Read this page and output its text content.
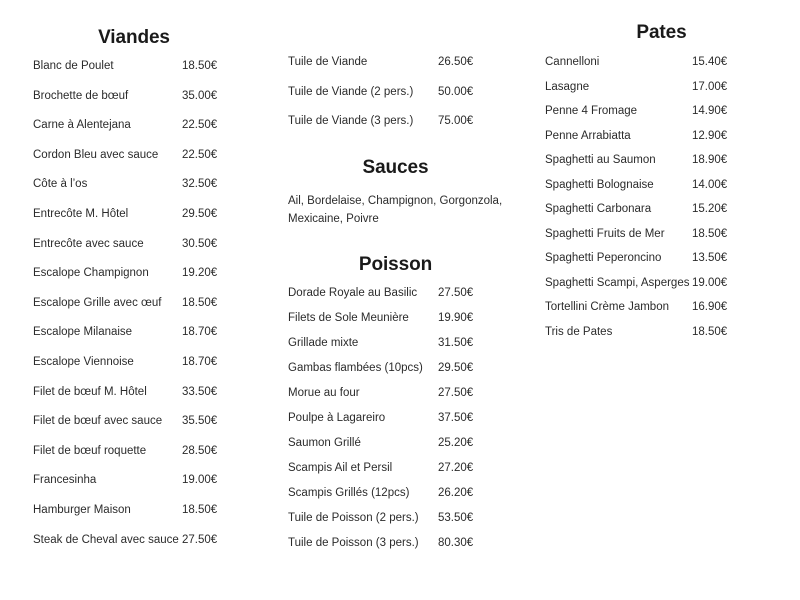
Viandes
Blanc de Poulet	18.50€
Brochette de bœuf	35.00€
Carne à Alentejana	22.50€
Cordon Bleu avec sauce	22.50€
Côte à l’os	32.50€
Entrecôte M. Hôtel	29.50€
Entrecôte avec sauce	30.50€
Escalope Champignon	19.20€
Escalope Grille avec œuf	18.50€
Escalope Milanaise	18.70€
Escalope Viennoise	18.70€
Filet de bœuf M. Hôtel	33.50€
Filet de bœuf avec sauce	35.50€
Filet de bœuf roquette	28.50€
Francesinha	19.00€
Hamburger Maison	18.50€
Steak de Cheval avec sauce 27.50€
Tuile de Viande	26.50€
Tuile de Viande (2 pers.)	50.00€
Tuile de Viande (3 pers.)	75.00€
Sauces

Ail, Bordelaise, Champignon, Gorgonzola, Mexicaine, Poivre

Poisson
Dorade Royale au Basilic	27.50€
Filets de Sole Meunière	19.90€
Grillade mixte	31.50€
Gambas flambées (10pcs)	29.50€
Morue au four	27.50€
Poulpe à Lagareiro	37.50€
Saumon Grillé	25.20€
Scampis Ail et Persil	27.20€
Scampis Grillés (12pcs)	26.20€
Tuile de Poisson (2 pers.)	53.50€
Tuile de Poisson (3 pers.)	80.30€
Pates
Cannelloni	15.40€
Lasagne	17.00€
Penne 4 Fromage	14.90€
Penne Arrabiatta	12.90€
Spaghetti au Saumon	18.90€
Spaghetti Bolognaise	14.00€
Spaghetti Carbonara	15.20€
Spaghetti Fruits de Mer	18.50€
Spaghetti Peperoncino	13.50€
Spaghetti Scampi, Asperges 19.00€
Tortellini Crème Jambon	16.90€
Tris de Pates	18.50€
